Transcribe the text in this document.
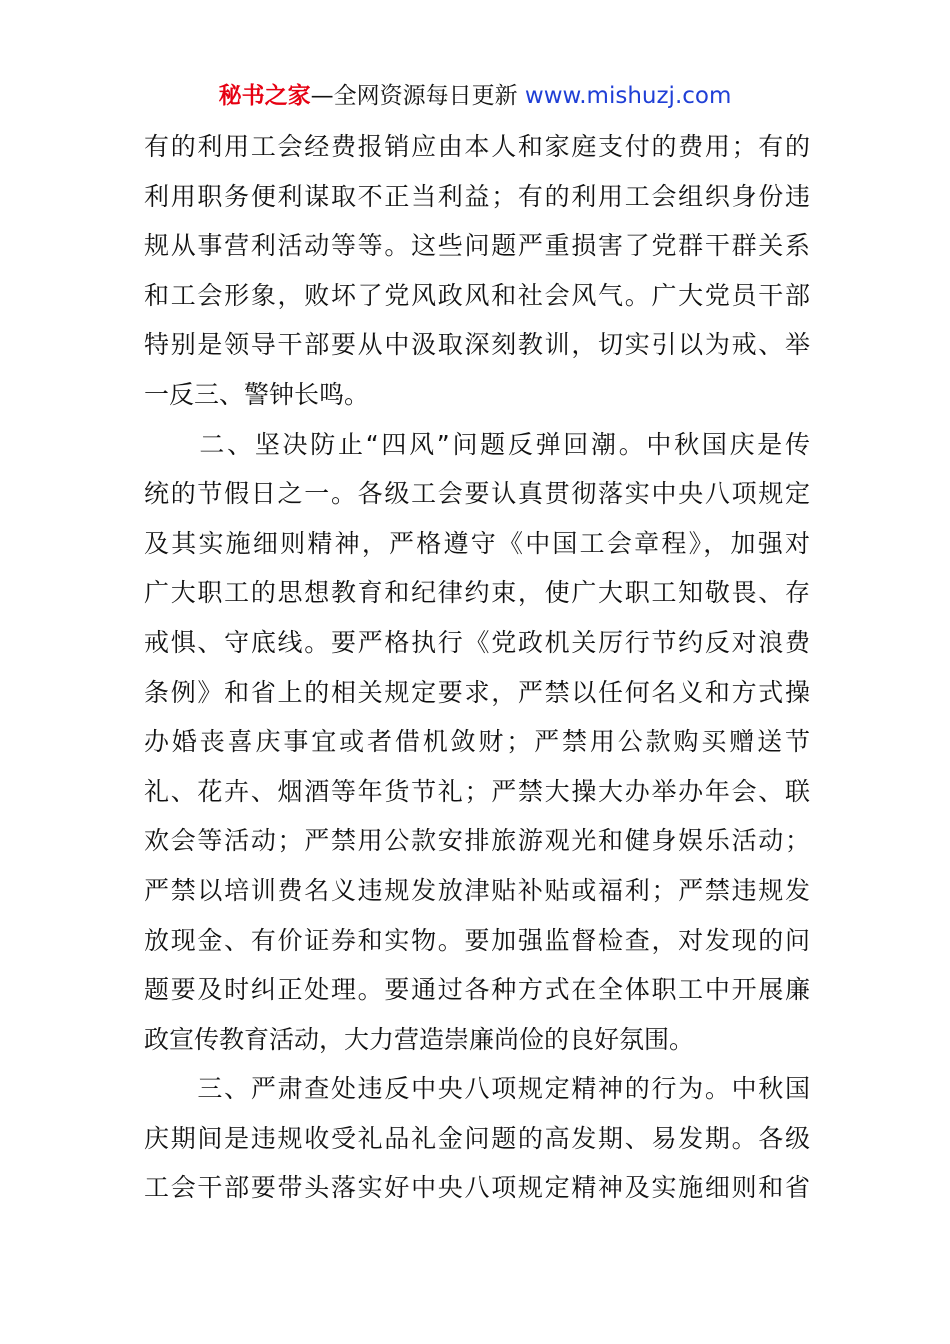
秘书之家—全网资源每日更新 www.mishuzj.com
有的利用工会经费报销应由本人和家庭支付的费用；有的
利用职务便利谋取不正当利益；有的利用工会组织身份违
规从事营利活动等等。这些问题严重损害了党群干群关系
和工会形象，败坏了党风政风和社会风气。广大党员干部
特别是领导干部要从中汲取深刻教训，切实引以为戒、举
一反三、警钟长鸣。
　　二、坚决防止“四风”问题反弹回潮。中秋国庆是传
统的节假日之一。各级工会要认真贯彻落实中央八项规定
及其实施细则精神，严格遵守《中国工会章程》，加强对
广大职工的思想教育和纪律约束，使广大职工知敬畏、存
戒惧、守底线。要严格执行《党政机关厉行节约反对浪费
条例》和省上的相关规定要求，严禁以任何名义和方式操
办婚丧喜庆事宜或者借机敛财；严禁用公款购买赠送节
礼、花卉、烟酒等年货节礼；严禁大操大办举办年会、联
欢会等活动；严禁用公款安排旅游观光和健身娱乐活动；
严禁以培训费名义违规发放津贴补贴或福利；严禁违规发
放现金、有价证券和实物。要加强监督检查，对发现的问
题要及时纠正处理。要通过各种方式在全体职工中开展廉
政宣传教育活动，大力营造崇廉尚俭的良好氛围。
　　三、严肃查处违反中央八项规定精神的行为。中秋国
庆期间是违规收受礼品礼金问题的高发期、易发期。各级
工会干部要带头落实好中央八项规定精神及实施细则和省
